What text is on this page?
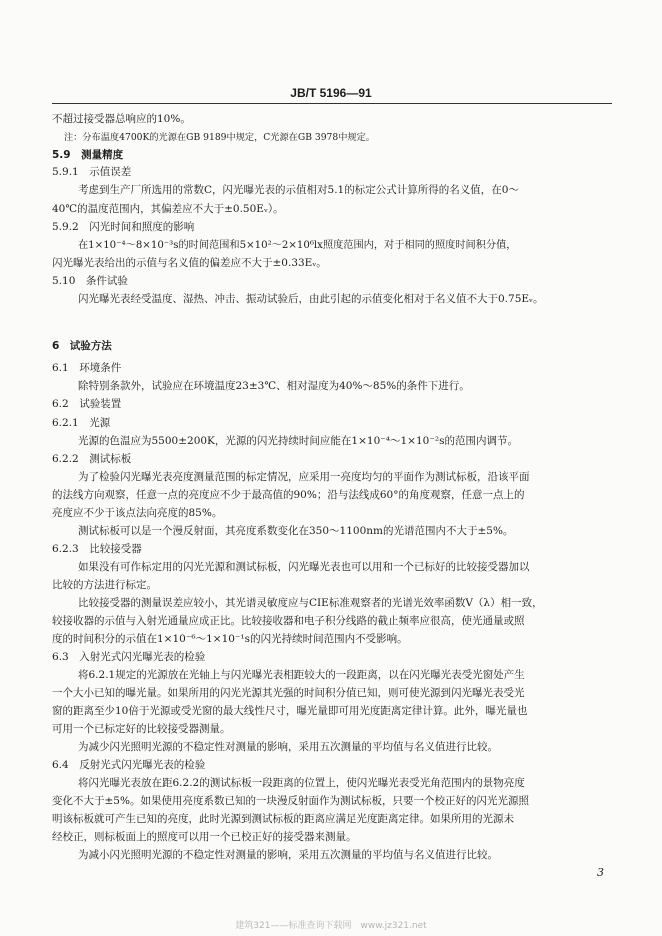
JB/T 5196—91
不超过接受器总响应的10%。
注：分布温度4700K的光源在GB 9189中规定，C光源在GB 3978中规定。
5.9　测量精度
5.9.1　示值误差
考虑到生产厂所选用的常数C，闪光曝光表的示值相对5.1的标定公式计算所得的名义值，在0～
40℃的温度范围内，其偏差应不大于±0.50Eᵥ）。
5.9.2　闪光时间和照度的影响
在1×10⁻⁴～8×10⁻³s的时间范围和5×10²～2×10⁶lx照度范围内，对于相同的照度时间积分值，
闪光曝光表给出的示值与名义值的偏差应不大于±0.33Eᵥ。
5.10　条件试验
闪光曝光表经受温度、湿热、冲击、振动试验后，由此引起的示值变化相对于名义值不大于0.75Eᵥ。
6　试验方法
6.1　环境条件
除特别条款外，试验应在环境温度23±3℃、相对湿度为40%～85%的条件下进行。
6.2　试验装置
6.2.1　光源
光源的色温应为5500±200K，光源的闪光持续时间应能在1×10⁻⁴～1×10⁻²s的范围内调节。
6.2.2　测试标板
为了检验闪光曝光表亮度测量范围的标定情况，应采用一亮度均匀的平面作为测试标板，沿该平面
的法线方向观察，任意一点的亮度应不少于最高值的90%；沿与法线成60°的角度观察，任意一点上的
亮度应不少于该点法向亮度的85%。
测试标板可以是一个漫反射面，其亮度系数变化在350～1100nm的光谱范围内不大于±5%。
6.2.3　比较接受器
如果没有可作标定用的闪光光源和测试标板，闪光曝光表也可以用和一个已标好的比较接受器加以
比较的方法进行标定。
比较接受器的测量误差应较小，其光谱灵敏度应与CIE标准观察者的光谱光效率函数V（λ）相一致，
较接收器的示值与入射光通量应成正比。比较接收器和电子积分线路的截止频率应很高，使光通量或照
度的时间积分的示值在1×10⁻⁶～1×10⁻¹s的闪光持续时间范围内不受影响。
6.3　入射光式闪光曝光表的检验
将6.2.1规定的光源放在光轴上与闪光曝光表相距较大的一段距离，以在闪光曝光表受光窗处产生
一个大小已知的曝光量。如果所用的闪光光源其光强的时间积分值已知，则可使光源到闪光曝光表受光
窗的距离至少10倍于光源或受光窗的最大线性尺寸，曝光量即可用光度距离定律计算。此外，曝光量也
可用一个已标定好的比较接受器测量。
为减少闪光照明光源的不稳定性对测量的影响，采用五次测量的平均值与名义值进行比较。
6.4　反射光式闪光曝光表的检验
将闪光曝光表放在距6.2.2的测试标板一段距离的位置上，使闪光曝光表受光角范围内的景物亮度
变化不大于±5%。如果使用亮度系数已知的一块漫反射面作为测试标板，只要一个校正好的闪光光源照
明该标板就可产生已知的亮度，此时光源到测试标板的距离应满足光度距离定律。如果所用的光源未
经校正，则标板面上的照度可以用一个已校正好的接受器来测量。
为减小闪光照明光源的不稳定性对测量的影响，采用五次测量的平均值与名义值进行比较。
3
建筑321——标准查询下载网　www.jz321.net
